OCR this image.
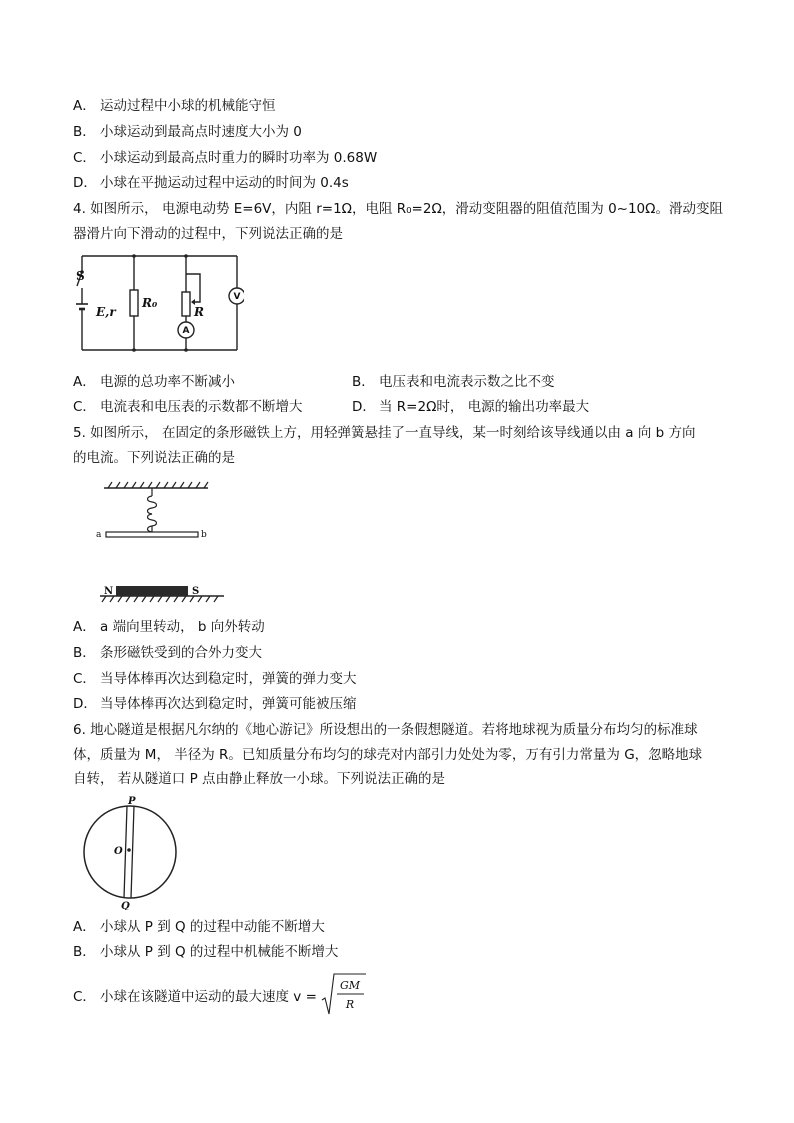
A． 运动过程中小球的机械能守恒
B． 小球运动到最高点时速度大小为 0
C． 小球运动到最高点时重力的瞬时功率为 0.68W
D． 小球在平抛运动过程中运动的时间为 0.4s
4. 如图所示， 电源电动势 E=6V，内阻 r=1Ω，电阻 R₀=2Ω，滑动变阻器的阻值范围为 0~10Ω。滑动变阻
器滑片向下滑动的过程中，下列说法正确的是
S
E,r
R₀
R
A
V
A． 电源的总功率不断减小	B． 电压表和电流表示数之比不变
C． 电流表和电压表的示数都不断增大	D． 当 R=2Ω时， 电源的输出功率最大
5. 如图所示， 在固定的条形磁铁上方，用轻弹簧悬挂了一直导线，某一时刻给该导线通以由 a 向 b 方向
的电流。下列说法正确的是
a	b
N	S
A． a 端向里转动， b 向外转动
B． 条形磁铁受到的合外力变大
C． 当导体棒再次达到稳定时，弹簧的弹力变大
D． 当导体棒再次达到稳定时，弹簧可能被压缩
6. 地心隧道是根据凡尔纳的《地心游记》所设想出的一条假想隧道。若将地球视为质量分布均匀的标准球
体，质量为 M， 半径为 R。已知质量分布均匀的球壳对内部引力处处为零，万有引力常量为 G，忽略地球
自转， 若从隧道口 P 点由静止释放一小球。下列说法正确的是
P
O
Q
A． 小球从 P 到 Q 的过程中动能不断增大
B． 小球从 P 到 Q 的过程中机械能不断增大
C． 小球在该隧道中运动的最大速度 v =
GM
R
